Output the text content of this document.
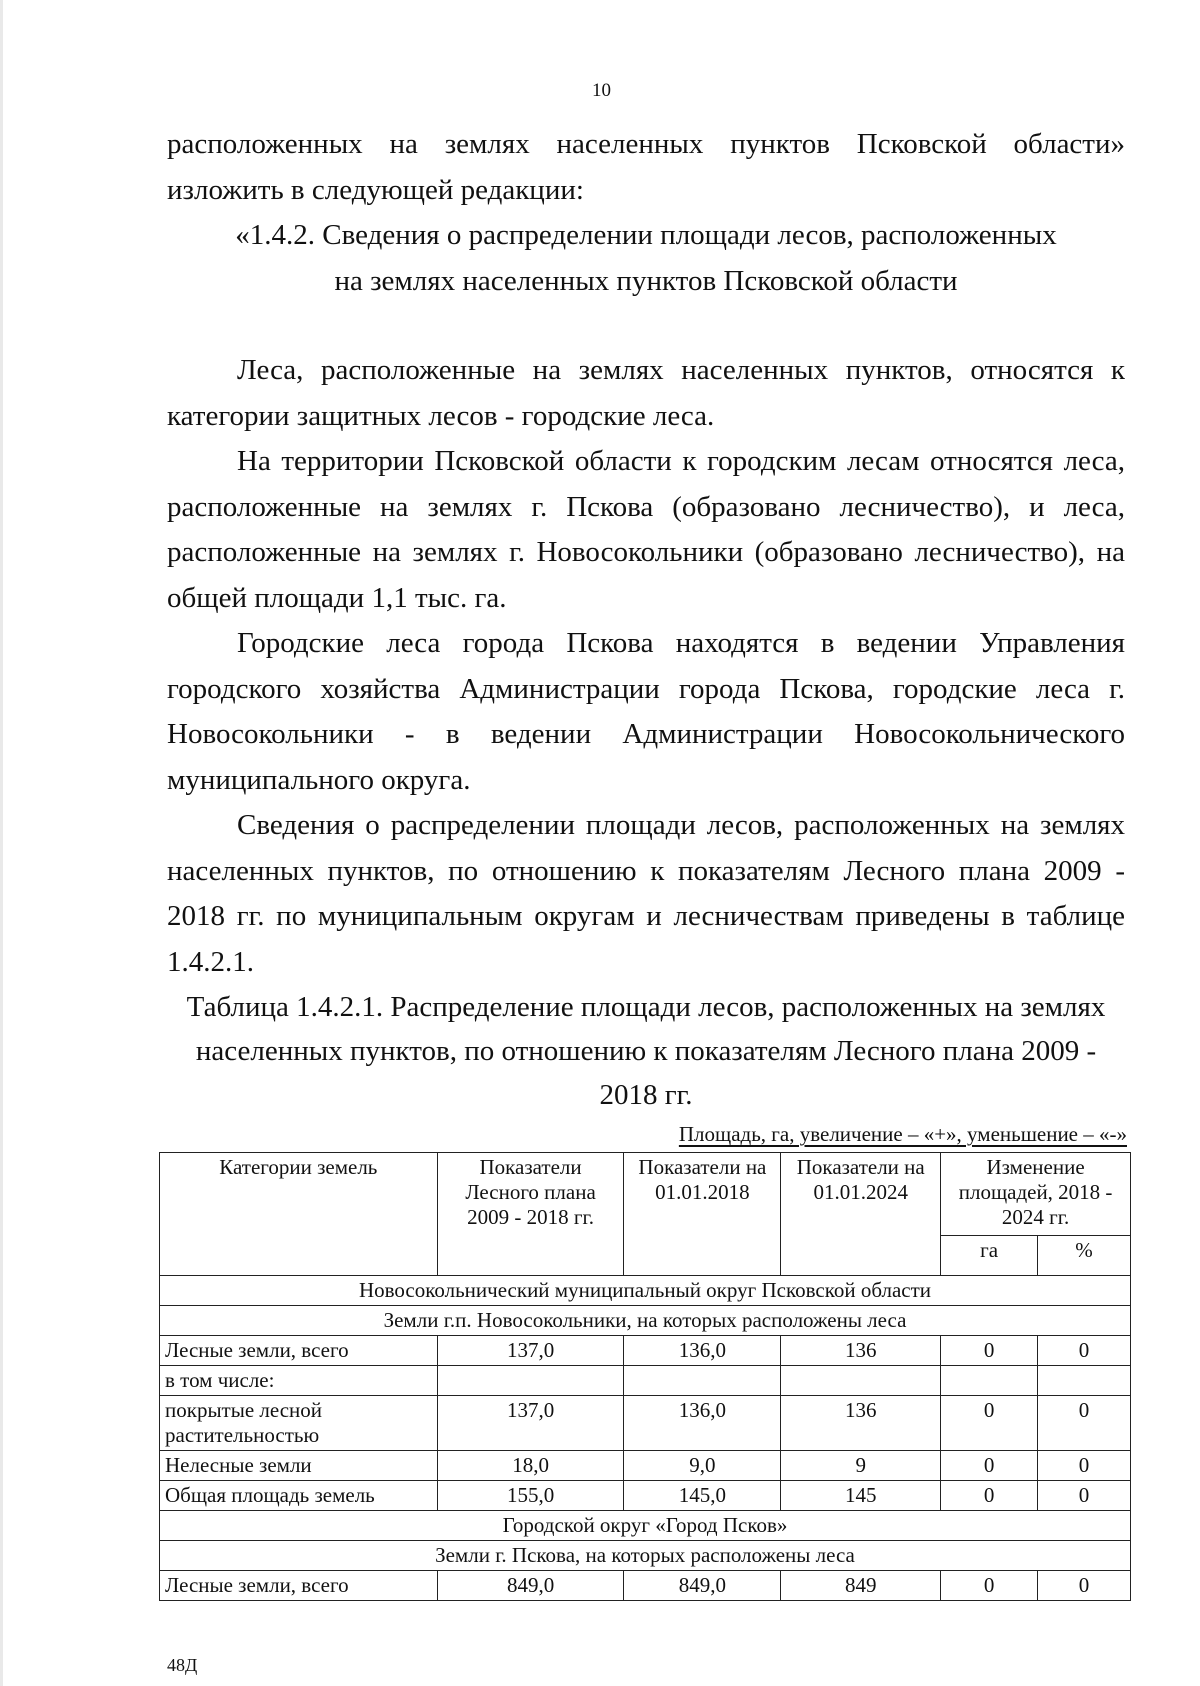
10

расположенных на землях населенных пунктов Псковской области» изложить в следующей редакции:

«1.4.2. Сведения о распределении площади лесов, расположенных
на землях населенных пунктов Псковской области

Леса, расположенные на землях населенных пунктов, относятся к категории защитных лесов - городские леса.

На территории Псковской области к городским лесам относятся леса, расположенные на землях г. Пскова (образовано лесничество), и леса, расположенные на землях г. Новосокольники (образовано лесничество), на общей площади 1,1 тыс. га.

Городские леса города Пскова находятся в ведении Управления городского хозяйства Администрации города Пскова, городские леса г. Новосокольники - в ведении Администрации Новосокольнического муниципального округа.

Сведения о распределении площади лесов, расположенных на землях населенных пунктов, по отношению к показателям Лесного плана 2009 - 2018 гг. по муниципальным округам и лесничествам приведены в таблице 1.4.2.1.

Таблица 1.4.2.1. Распределение площади лесов, расположенных на землях населенных пунктов, по отношению к показателям Лесного плана 2009 - 2018 гг.

Площадь, га, увеличение – «+», уменьшение – «-»
Категории земель	Показатели Лесного плана 2009 - 2018 гг.	Показатели на 01.01.2018	Показатели на 01.01.2024	Изменение площадей, 2018 - 2024 гг.	
				га	%
Новосокольнический муниципальный округ Псковской области					
Земли г.п. Новосокольники, на которых расположены леса					
Лесные земли, всего	137,0	136,0	136	0	0
в том числе:					
покрытые лесной растительностью	137,0	136,0	136	0	0
Нелесные земли	18,0	9,0	9	0	0
Общая площадь земель	155,0	145,0	145	0	0
Городской округ «Город Псков»					
Земли г. Пскова, на которых расположены леса					
Лесные земли, всего	849,0	849,0	849	0	0
48Д
